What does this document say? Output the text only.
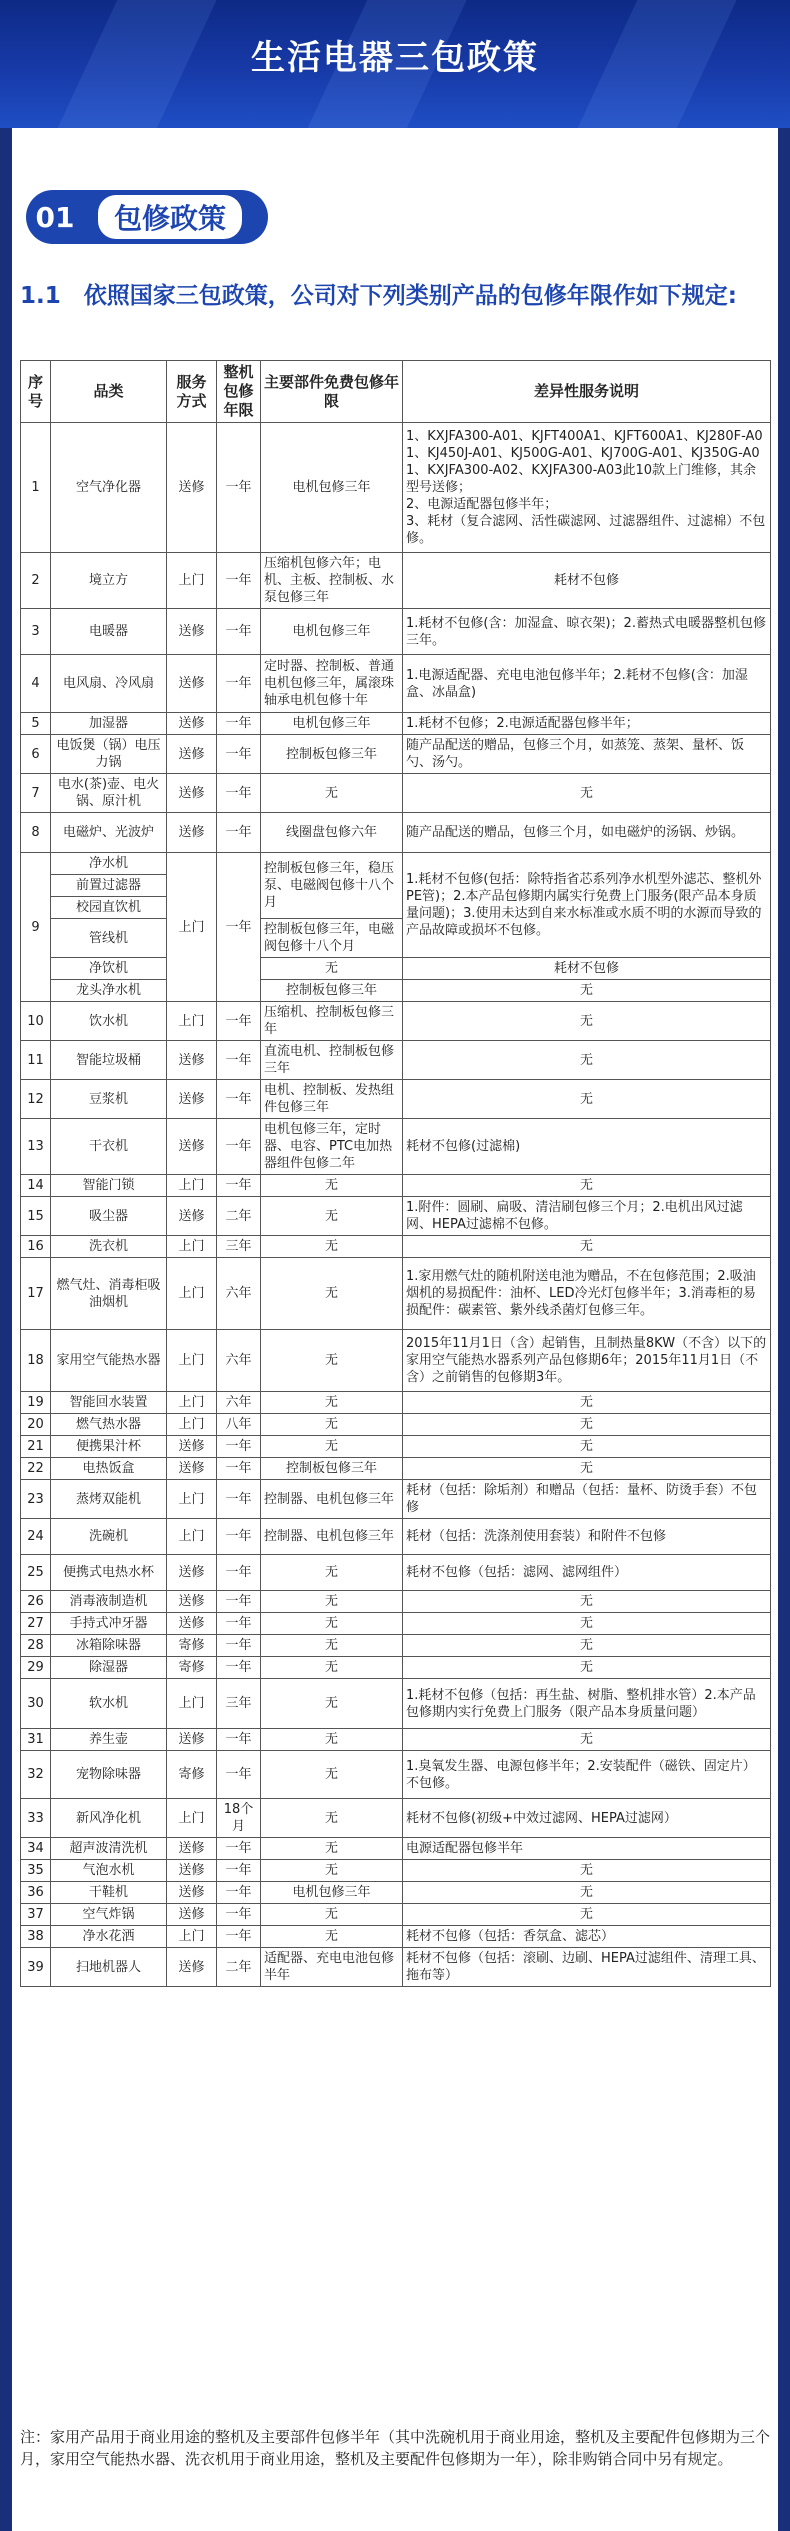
生活电器三包政策
01	包修政策
1.1　依照国家三包政策，公司对下列类别产品的包修年限作如下规定:
序号	品类	服务方式	整机包修年限	主要部件免费包修年限	差异性服务说明
1	空气净化器	送修	一年	电机包修三年	1、KXJFA300-A01、KJFT400A1、KJFT600A1、KJ280F-A01、KJ450J-A01、KJ500G-A01、KJ700G-A01、KJ350G-A01、KXJFA300-A02、KXJFA300-A03此10款上门维修，其余型号送修；
2、电源适配器包修半年；
3、耗材（复合滤网、活性碳滤网、过滤器组件、过滤棉）不包修。
2	境立方	上门	一年	压缩机包修六年；电机、主板、控制板、水泵包修三年	耗材不包修
3	电暖器	送修	一年	电机包修三年	1.耗材不包修(含：加湿盒、晾衣架)；2.蓄热式电暖器整机包修三年。
4	电风扇、冷风扇	送修	一年	定时器、控制板、普通电机包修三年，属滚珠轴承电机包修十年	1.电源适配器、充电电池包修半年；2.耗材不包修(含：加湿盒、冰晶盒)
5	加湿器	送修	一年	电机包修三年	1.耗材不包修；2.电源适配器包修半年；
6	电饭煲（锅）电压力锅	送修	一年	控制板包修三年	随产品配送的赠品，包修三个月，如蒸笼、蒸架、量杯、饭勺、汤勺。
7	电水(茶)壶、电火锅、原汁机	送修	一年	无	无
8	电磁炉、光波炉	送修	一年	线圈盘包修六年	随产品配送的赠品，包修三个月，如电磁炉的汤锅、炒锅。
9	净水机	上门	一年	控制板包修三年，稳压泵、电磁阀包修十八个月	1.耗材不包修(包括：除特指省芯系列净水机型外滤芯、整机外PE管)；2.本产品包修期内属实行免费上门服务(限产品本身质量问题)；3.使用未达到自来水标准或水质不明的水源而导致的产品故障或损坏不包修。
	前置过滤器				
	校园直饮机				
	管线机			控制板包修三年，电磁阀包修十八个月	
	净饮机			无	耗材不包修
	龙头净水机			控制板包修三年	无
10	饮水机	上门	一年	压缩机、控制板包修三年	无
11	智能垃圾桶	送修	一年	直流电机、控制板包修三年	无
12	豆浆机	送修	一年	电机、控制板、发热组件包修三年	无
13	干衣机	送修	一年	电机包修三年，定时器、电容、PTC电加热器组件包修二年	耗材不包修(过滤棉)
14	智能门锁	上门	一年	无	无
15	吸尘器	送修	二年	无	1.附件：圆刷、扁吸、清洁刷包修三个月；2.电机出风过滤网、HEPA过滤棉不包修。
16	洗衣机	上门	三年	无	无
17	燃气灶、消毒柜吸油烟机	上门	六年	无	1.家用燃气灶的随机附送电池为赠品，不在包修范围；2.吸油烟机的易损配件：油杯、LED冷光灯包修半年；3.消毒柜的易损配件：碳素管、紫外线杀菌灯包修三年。
18	家用空气能热水器	上门	六年	无	2015年11月1日（含）起销售，且制热量8KW（不含）以下的家用空气能热水器系列产品包修期6年；2015年11月1日（不含）之前销售的包修期3年。
19	智能回水装置	上门	六年	无	无
20	燃气热水器	上门	八年	无	无
21	便携果汁杯	送修	一年	无	无
22	电热饭盒	送修	一年	控制板包修三年	无
23	蒸烤双能机	上门	一年	控制器、电机包修三年	耗材（包括：除垢剂）和赠品（包括：量杯、防烫手套）不包修
24	洗碗机	上门	一年	控制器、电机包修三年	耗材（包括：洗涤剂使用套装）和附件不包修
25	便携式电热水杯	送修	一年	无	耗材不包修（包括：滤网、滤网组件）
26	消毒液制造机	送修	一年	无	无
27	手持式冲牙器	送修	一年	无	无
28	冰箱除味器	寄修	一年	无	无
29	除湿器	寄修	一年	无	无
30	软水机	上门	三年	无	1.耗材不包修（包括：再生盐、树脂、整机排水管）2.本产品包修期内实行免费上门服务（限产品本身质量问题）
31	养生壶	送修	一年	无	无
32	宠物除味器	寄修	一年	无	1.臭氧发生器、电源包修半年；2.安装配件（磁铁、固定片）不包修。
33	新风净化机	上门	18个月	无	耗材不包修(初级+中效过滤网、HEPA过滤网）
34	超声波清洗机	送修	一年	无	电源适配器包修半年
35	气泡水机	送修	一年	无	无
36	干鞋机	送修	一年	电机包修三年	无
37	空气炸锅	送修	一年	无	无
38	净水花洒	上门	一年	无	耗材不包修（包括：香氛盒、滤芯）
39	扫地机器人	送修	二年	适配器、充电电池包修半年	耗材不包修（包括：滚刷、边刷、HEPA过滤组件、清理工具、拖布等）
注：家用产品用于商业用途的整机及主要部件包修半年（其中洗碗机用于商业用途，整机及主要配件包修期为三个月，家用空气能热水器、洗衣机用于商业用途，整机及主要配件包修期为一年），除非购销合同中另有规定。
